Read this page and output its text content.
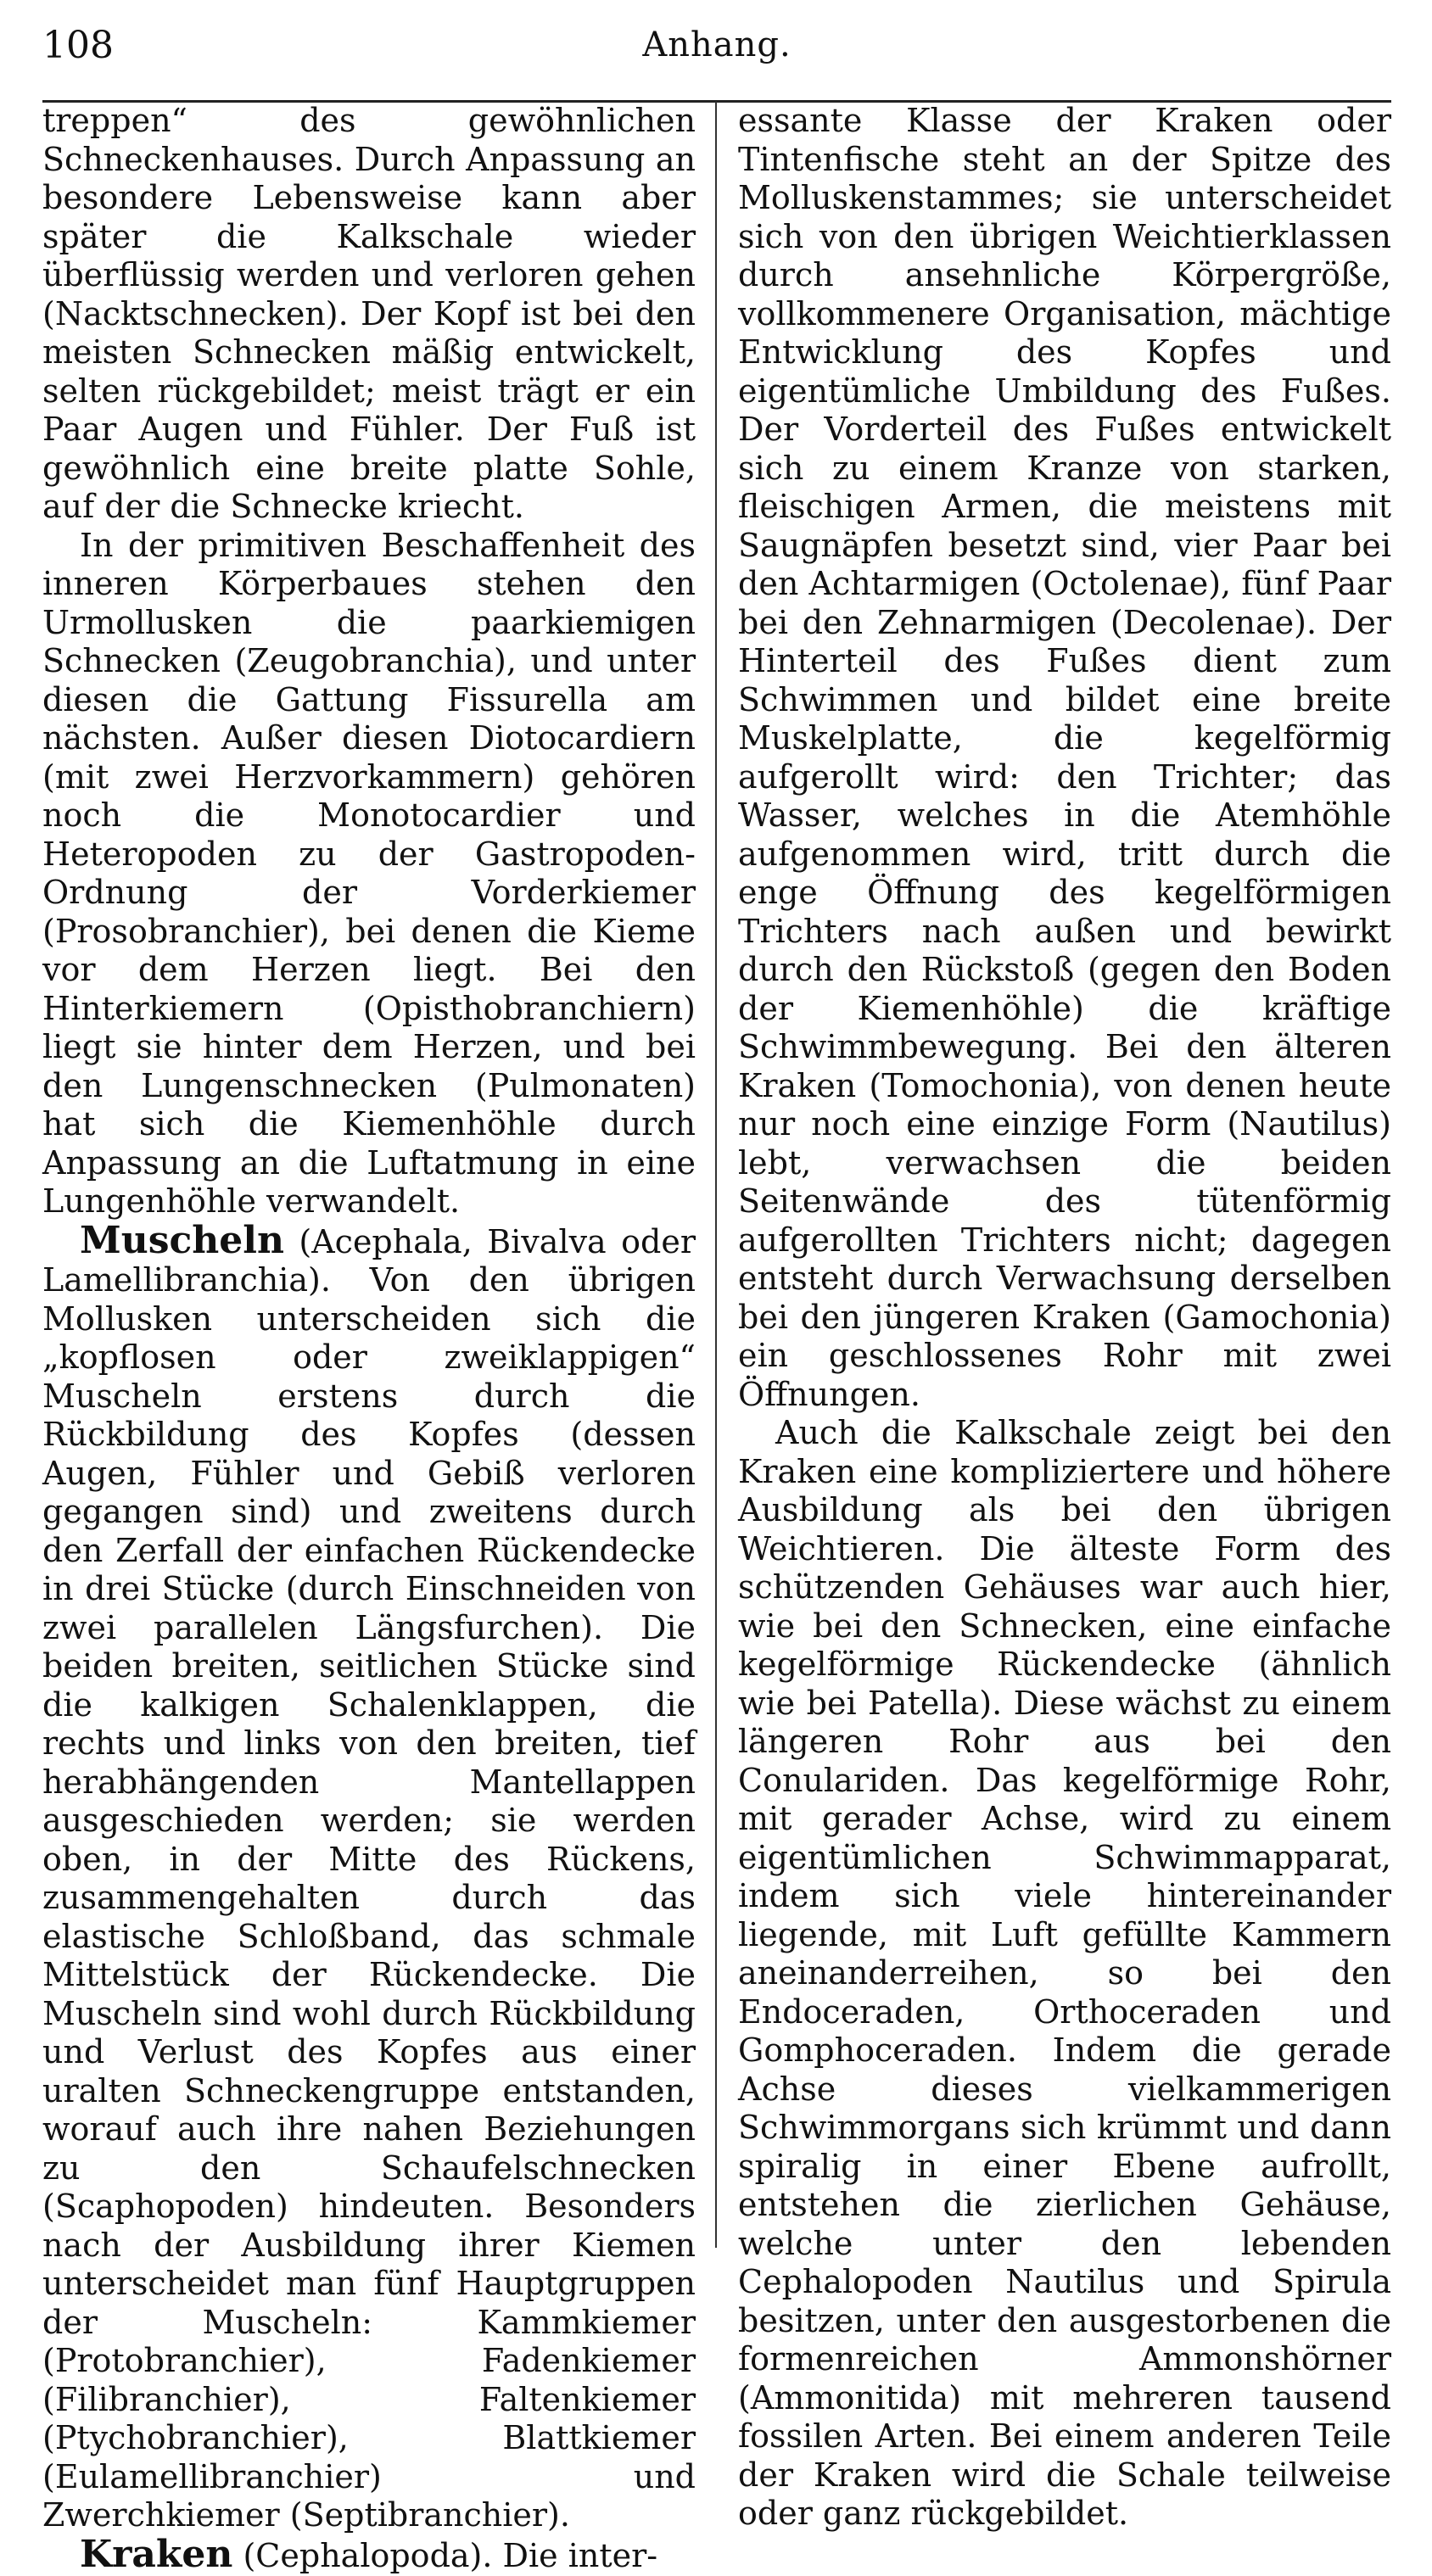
108	Anhang.

treppen“ des gewöhnlichen Schneckenhauses. Durch Anpassung an besondere Lebensweise kann aber später die Kalkschale wieder überflüssig werden und verloren gehen (Nacktschnecken). Der Kopf ist bei den meisten Schnecken mäßig entwickelt, selten rückgebildet; meist trägt er ein Paar Augen und Fühler. Der Fuß ist gewöhnlich eine breite platte Sohle, auf der die Schnecke kriecht.

In der primitiven Beschaffenheit des inneren Körperbaues stehen den Urmollusken die paarkiemigen Schnecken (Zeugobranchia), und unter diesen die Gattung Fissurella am nächsten. Außer diesen Diotocardiern (mit zwei Herzvorkammern) gehören noch die Monotocardier und Heteropoden zu der Gastropoden-Ordnung der Vorderkiemer (Prosobranchier), bei denen die Kieme vor dem Herzen liegt. Bei den Hinterkiemern (Opisthobranchiern) liegt sie hinter dem Herzen, und bei den Lungenschnecken (Pulmonaten) hat sich die Kiemenhöhle durch Anpassung an die Luftatmung in eine Lungenhöhle verwandelt.

Muscheln (Acephala, Bivalva oder Lamellibranchia). Von den übrigen Mollusken unterscheiden sich die „kopflosen oder zweiklappigen“ Muscheln erstens durch die Rückbildung des Kopfes (dessen Augen, Fühler und Gebiß verloren gegangen sind) und zweitens durch den Zerfall der einfachen Rückendecke in drei Stücke (durch Einschneiden von zwei parallelen Längsfurchen). Die beiden breiten, seitlichen Stücke sind die kalkigen Schalenklappen, die rechts und links von den breiten, tief herabhängenden Mantellappen ausgeschieden werden; sie werden oben, in der Mitte des Rückens, zusammengehalten durch das elastische Schloßband, das schmale Mittelstück der Rückendecke. Die Muscheln sind wohl durch Rückbildung und Verlust des Kopfes aus einer uralten Schneckengruppe entstanden, worauf auch ihre nahen Beziehungen zu den Schaufelschnecken (Scaphopoden) hindeuten. Besonders nach der Ausbildung ihrer Kiemen unterscheidet man fünf Hauptgruppen der Muscheln: Kammkiemer (Protobranchier), Fadenkiemer (Filibranchier), Faltenkiemer (Ptychobranchier), Blattkiemer (Eulamellibranchier) und Zwerchkiemer (Septibranchier).

Kraken (Cephalopoda). Die inter-

essante Klasse der Kraken oder Tintenfische steht an der Spitze des Molluskenstammes; sie unterscheidet sich von den übrigen Weichtierklassen durch ansehnliche Körpergröße, vollkommenere Organisation, mächtige Entwicklung des Kopfes und eigentümliche Umbildung des Fußes. Der Vorderteil des Fußes entwickelt sich zu einem Kranze von starken, fleischigen Armen, die meistens mit Saugnäpfen besetzt sind, vier Paar bei den Achtarmigen (Octolenae), fünf Paar bei den Zehnarmigen (Decolenae). Der Hinterteil des Fußes dient zum Schwimmen und bildet eine breite Muskelplatte, die kegelförmig aufgerollt wird: den Trichter; das Wasser, welches in die Atemhöhle aufgenommen wird, tritt durch die enge Öffnung des kegelförmigen Trichters nach außen und bewirkt durch den Rückstoß (gegen den Boden der Kiemenhöhle) die kräftige Schwimmbewegung. Bei den älteren Kraken (Tomochonia), von denen heute nur noch eine einzige Form (Nautilus) lebt, verwachsen die beiden Seitenwände des tütenförmig aufgerollten Trichters nicht; dagegen entsteht durch Verwachsung derselben bei den jüngeren Kraken (Gamochonia) ein geschlossenes Rohr mit zwei Öffnungen.

Auch die Kalkschale zeigt bei den Kraken eine kompliziertere und höhere Ausbildung als bei den übrigen Weichtieren. Die älteste Form des schützenden Gehäuses war auch hier, wie bei den Schnecken, eine einfache kegelförmige Rückendecke (ähnlich wie bei Patella). Diese wächst zu einem längeren Rohr aus bei den Conulariden. Das kegelförmige Rohr, mit gerader Achse, wird zu einem eigentümlichen Schwimmapparat, indem sich viele hintereinander liegende, mit Luft gefüllte Kammern aneinanderreihen, so bei den Endoceraden, Orthoceraden und Gomphoceraden. Indem die gerade Achse dieses vielkammerigen Schwimmorgans sich krümmt und dann spiralig in einer Ebene aufrollt, entstehen die zierlichen Gehäuse, welche unter den lebenden Cephalopoden Nautilus und Spirula besitzen, unter den ausgestorbenen die formenreichen Ammonshörner (Ammonitida) mit mehreren tausend fossilen Arten. Bei einem anderen Teile der Kraken wird die Schale teilweise oder ganz rückgebildet.
